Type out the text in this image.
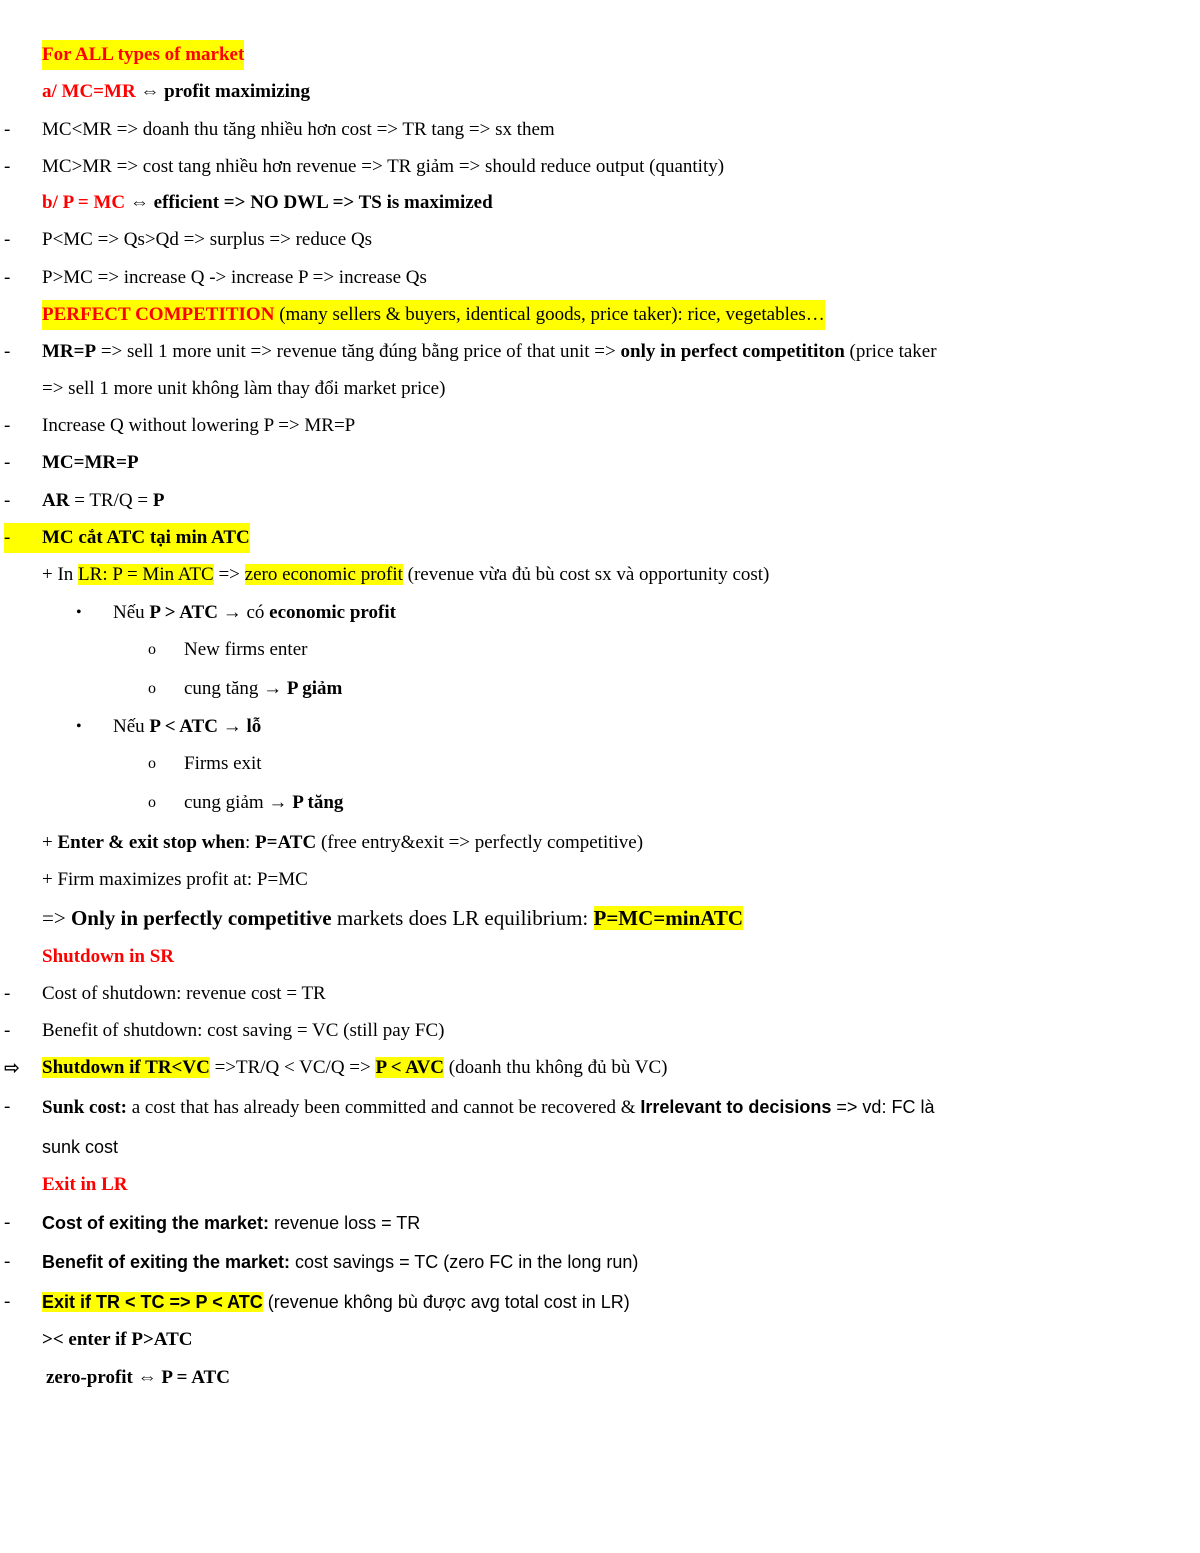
For ALL types of market
a/ MC=MR ⇔ profit maximizing
- MC<MR => doanh thu tăng nhiều hơn cost => TR tang => sx them
- MC>MR => cost tang nhiều hơn revenue => TR giảm => should reduce output (quantity)
b/ P = MC ⇔ efficient => NO DWL => TS is maximized
- P<MC => Qs>Qd => surplus => reduce Qs
- P>MC => increase Q -> increase P => increase Qs
PERFECT COMPETITION (many sellers & buyers, identical goods, price taker): rice, vegetables…
- MR=P => sell 1 more unit => revenue tăng đúng bằng price of that unit => only in perfect competititon (price taker
=> sell 1 more unit không làm thay đổi market price)
- Increase Q without lowering P => MR=P
- MC=MR=P
- AR = TR/Q = P
-	MC cắt ATC tại min ATC
+ In LR: P = Min ATC => zero economic profit (revenue vừa đủ bù cost sx và opportunity cost)
• Nếu P > ATC → có economic profit
o New firms enter
o cung tăng → P giảm
• Nếu P < ATC → lỗ
o Firms exit
o cung giảm → P tăng
+ Enter & exit stop when: P=ATC (free entry&exit => perfectly competitive)
+ Firm maximizes profit at: P=MC
=> Only in perfectly competitive markets does LR equilibrium: P=MC=minATC
Shutdown in SR
- Cost of shutdown: revenue cost = TR
- Benefit of shutdown: cost saving = VC (still pay FC)
⇨ Shutdown if TR<VC =>TR/Q < VC/Q => P < AVC (doanh thu không đủ bù VC)
- Sunk cost: a cost that has already been committed and cannot be recovered & Irrelevant to decisions => vd: FC là
sunk cost
Exit in LR
- Cost of exiting the market: revenue loss = TR
- Benefit of exiting the market: cost savings = TC (zero FC in the long run)
- Exit if TR < TC => P < ATC (revenue không bù được avg total cost in LR)
>< enter if P>ATC
zero-profit ⇔ P = ATC
